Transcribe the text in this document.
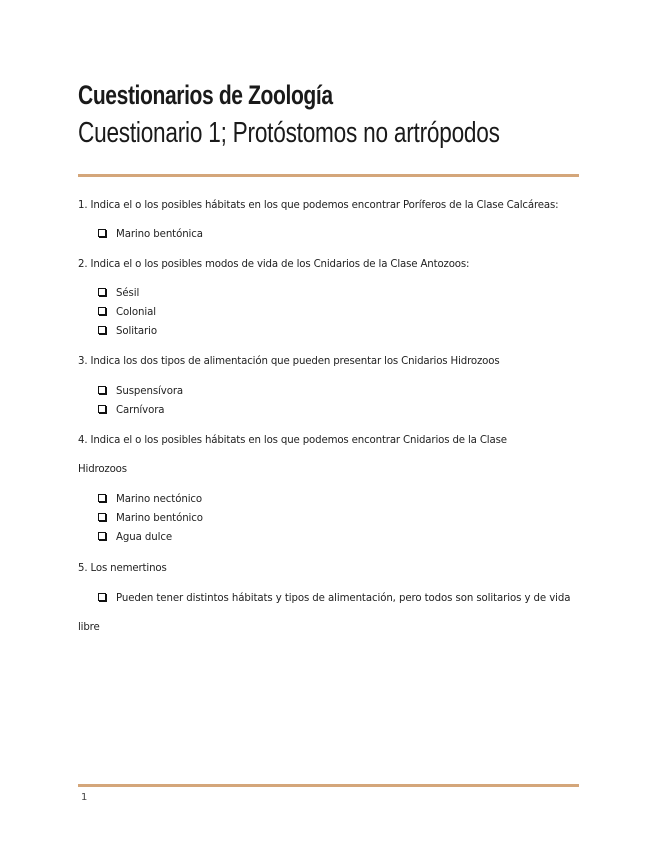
Cuestionarios de Zoología
Cuestionario 1; Protóstomos no artrópodos
1. Indica el o los posibles hábitats en los que podemos encontrar Poríferos de la Clase Calcáreas:
Marino bentónica
2. Indica el o los posibles modos de vida de los Cnidarios de la Clase Antozoos:
Sésil
Colonial
Solitario
3. Indica los dos tipos de alimentación que pueden presentar los Cnidarios Hidrozoos
Suspensívora
Carnívora
4. Indica el o los posibles hábitats en los que podemos encontrar Cnidarios de la Clase
Hidrozoos
Marino nectónico
Marino bentónico
Agua dulce
5. Los nemertinos
Pueden tener distintos hábitats y tipos de alimentación, pero todos son solitarios y de vida
libre
1
